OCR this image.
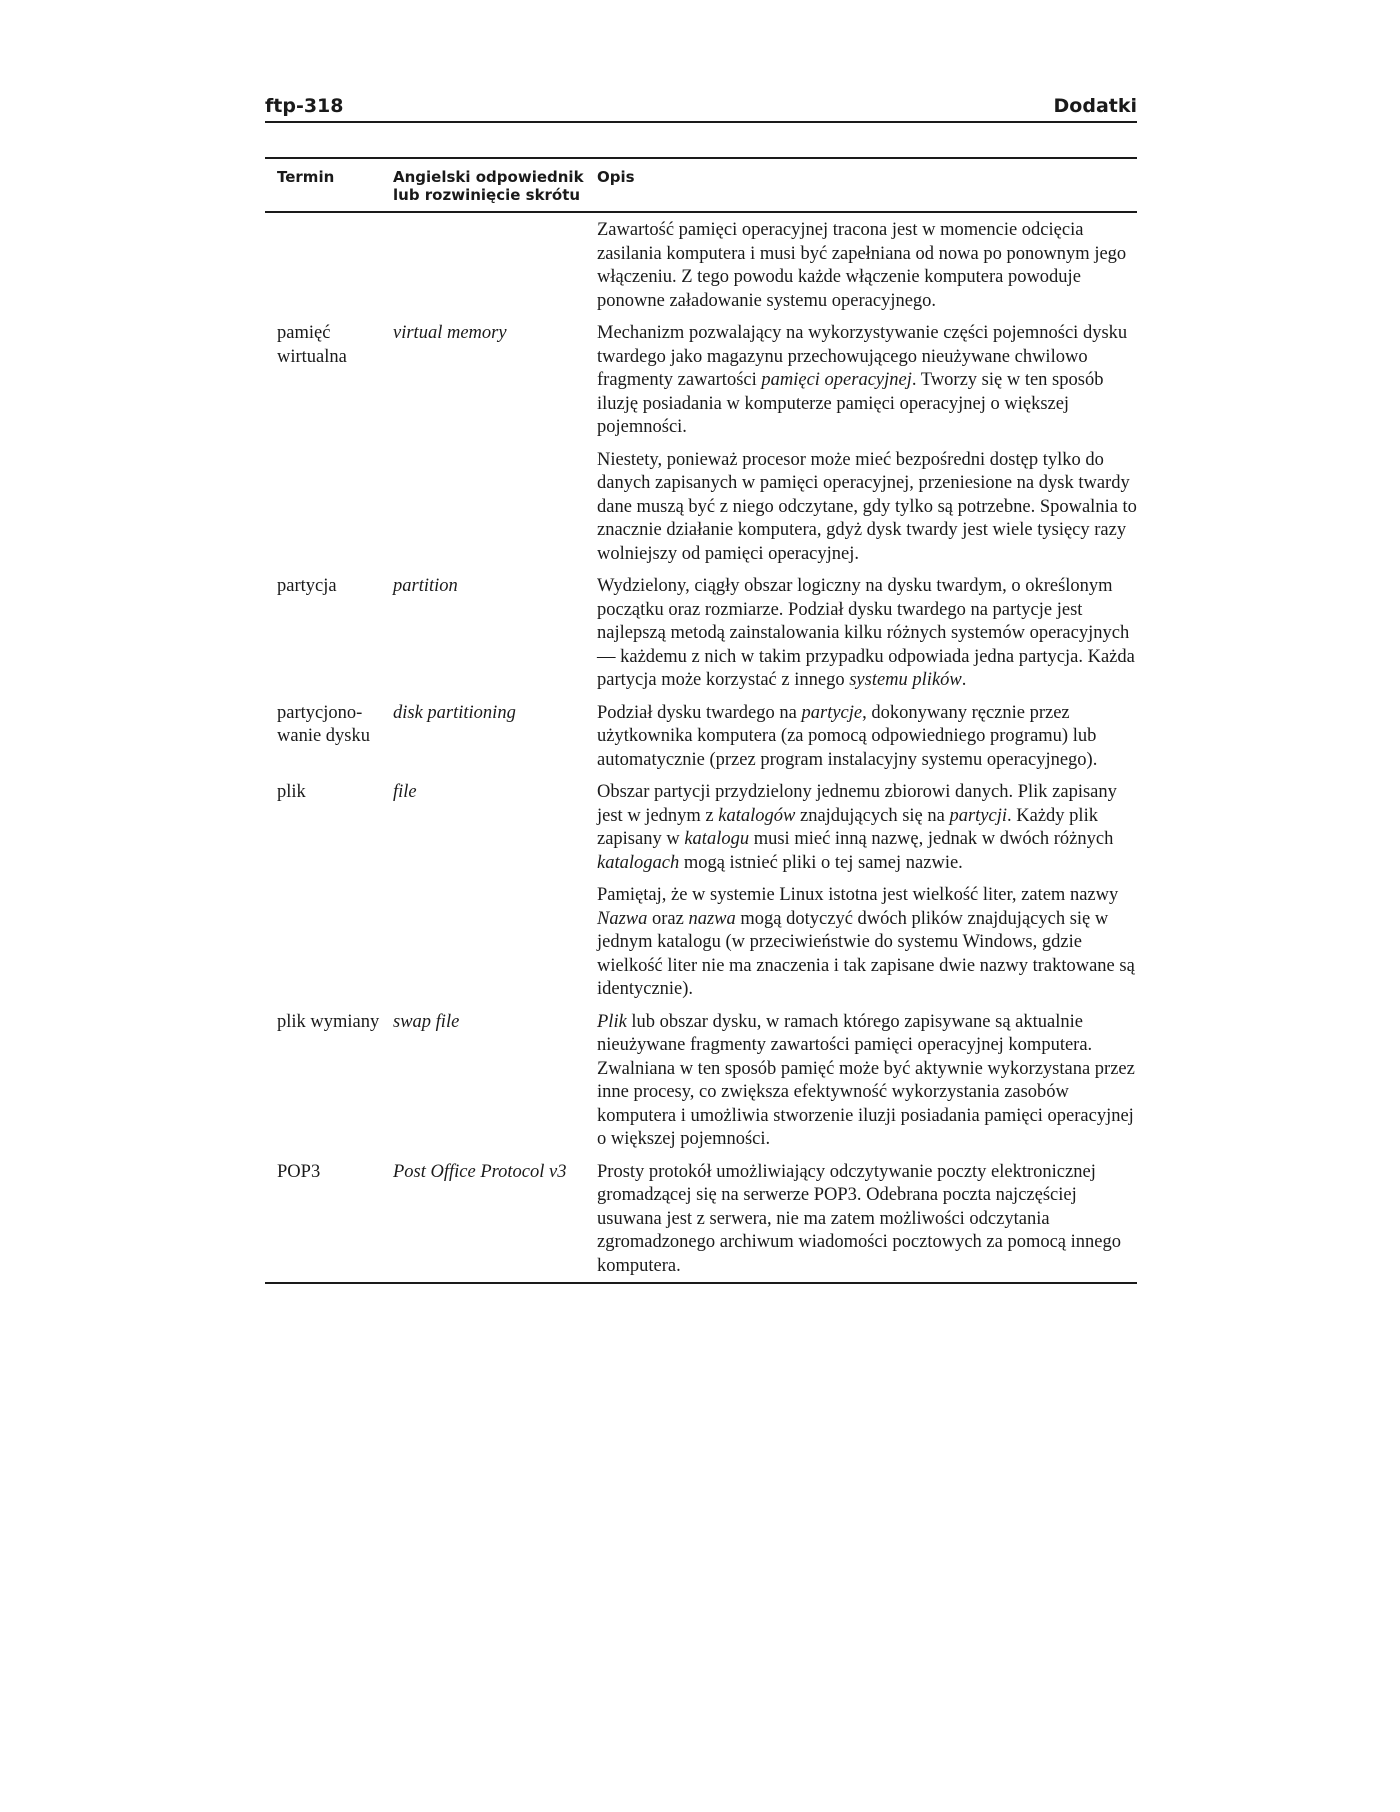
ftp-318	Dodatki
Termin	Angielski odpowiednik lub rozwinięcie skrótu	Opis

		Zawartość pamięci operacyjnej tracona jest w momencie odcięcia zasilania komputera i musi być zapełniana od nowa po ponownym jego włączeniu. Z tego powodu każde włączenie komputera powoduje ponowne załadowanie systemu operacyjnego.

pamięć wirtualna	virtual memory	Mechanizm pozwalający na wykorzystywanie części pojemności dysku twardego jako magazynu przechowującego nieużywane chwilowo fragmenty zawartości pamięci operacyjnej. Tworzy się w ten sposób iluzję posiadania w komputerze pamięci operacyjnej o większej pojemności.

Niestety, ponieważ procesor może mieć bezpośredni dostęp tylko do danych zapisanych w pamięci operacyjnej, przeniesione na dysk twardy dane muszą być z niego odczytane, gdy tylko są potrzebne. Spowalnia to znacznie działanie komputera, gdyż dysk twardy jest wiele tysięcy razy wolniejszy od pamięci operacyjnej.

partycja	partition	Wydzielony, ciągły obszar logiczny na dysku twardym, o określonym początku oraz rozmiarze. Podział dysku twardego na partycje jest najlepszą metodą zainstalowania kilku różnych systemów operacyjnych — każdemu z nich w takim przypadku odpowiada jedna partycja. Każda partycja może korzystać z innego systemu plików.

partycjono-wanie dysku	disk partitioning	Podział dysku twardego na partycje, dokonywany ręcznie przez użytkownika komputera (za pomocą odpowiedniego programu) lub automatycznie (przez program instalacyjny systemu operacyjnego).

plik	file	Obszar partycji przydzielony jednemu zbiorowi danych. Plik zapisany jest w jednym z katalogów znajdujących się na partycji. Każdy plik zapisany w katalogu musi mieć inną nazwę, jednak w dwóch różnych katalogach mogą istnieć pliki o tej samej nazwie.

Pamiętaj, że w systemie Linux istotna jest wielkość liter, zatem nazwy Nazwa oraz nazwa mogą dotyczyć dwóch plików znajdujących się w jednym katalogu (w przeciwieństwie do systemu Windows, gdzie wielkość liter nie ma znaczenia i tak zapisane dwie nazwy traktowane są identycznie).

plik wymiany	swap file	Plik lub obszar dysku, w ramach którego zapisywane są aktualnie nieużywane fragmenty zawartości pamięci operacyjnej komputera. Zwalniana w ten sposób pamięć może być aktywnie wykorzystana przez inne procesy, co zwiększa efektywność wykorzystania zasobów komputera i umożliwia stworzenie iluzji posiadania pamięci operacyjnej o większej pojemności.

POP3	Post Office Protocol v3	Prosty protokół umożliwiający odczytywanie poczty elektronicznej gromadzącej się na serwerze POP3. Odebrana poczta najczęściej usuwana jest z serwera, nie ma zatem możliwości odczytania zgromadzonego archiwum wiadomości pocztowych za pomocą innego komputera.
